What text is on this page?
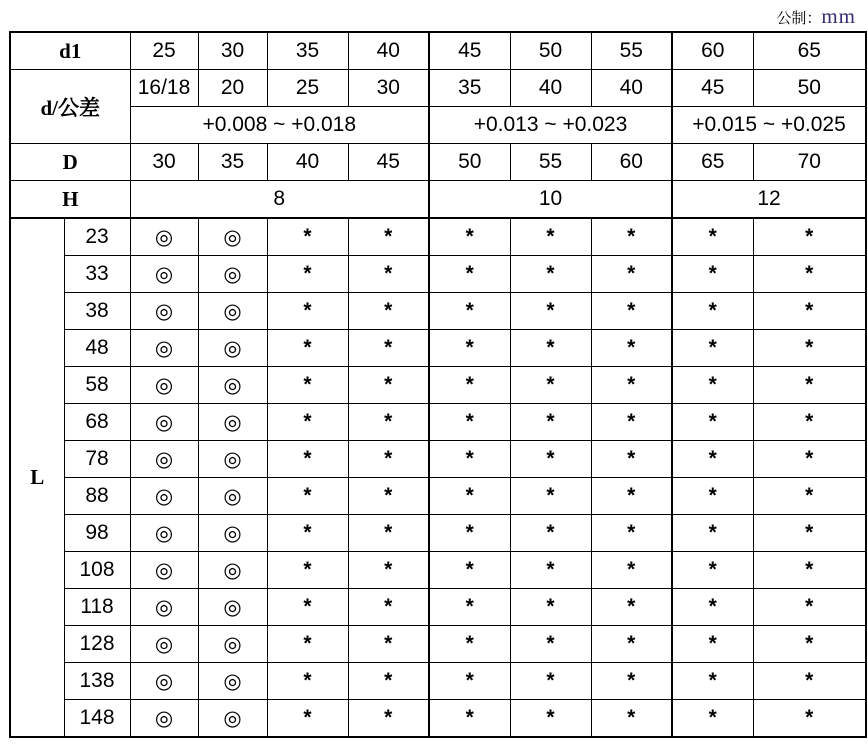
公制：mm
d1		25	30	35	40	45	50	55	60	65
d/公差		16/18	20	25	30	35	40	40	45	50
		+0.008 ~ +0.018				+0.013 ~ +0.023			+0.015 ~ +0.025	
D		30	35	40	45	50	55	60	65	70
H		8				10			12	
L	23	◎	◎	*	*	*	*	*	*	*
	33	◎	◎	*	*	*	*	*	*	*
	38	◎	◎	*	*	*	*	*	*	*
	48	◎	◎	*	*	*	*	*	*	*
	58	◎	◎	*	*	*	*	*	*	*
	68	◎	◎	*	*	*	*	*	*	*
	78	◎	◎	*	*	*	*	*	*	*
	88	◎	◎	*	*	*	*	*	*	*
	98	◎	◎	*	*	*	*	*	*	*
	108	◎	◎	*	*	*	*	*	*	*
	118	◎	◎	*	*	*	*	*	*	*
	128	◎	◎	*	*	*	*	*	*	*
	138	◎	◎	*	*	*	*	*	*	*
	148	◎	◎	*	*	*	*	*	*	*
